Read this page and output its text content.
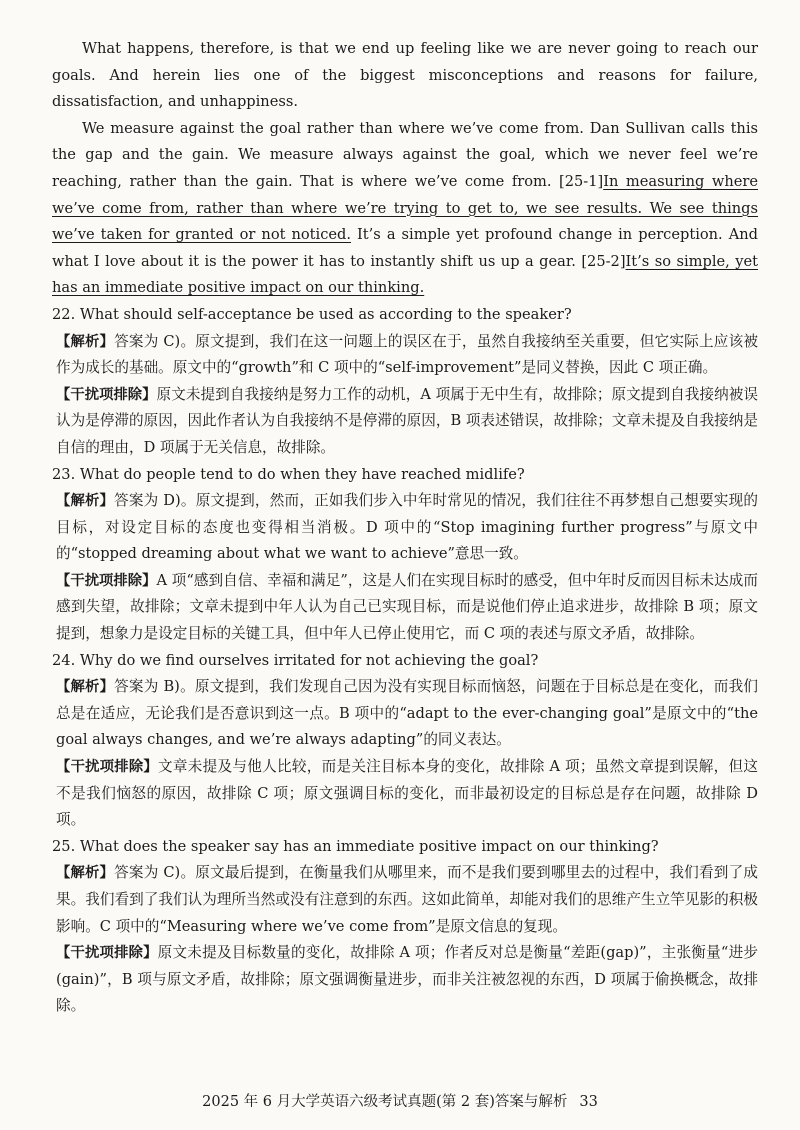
What happens, therefore, is that we end up feeling like we are never going to reach our goals. And herein lies one of the biggest misconceptions and reasons for failure, dissatisfaction, and unhappiness.

We measure against the goal rather than where we’ve come from. Dan Sullivan calls this the gap and the gain. We measure always against the goal, which we never feel we’re reaching, rather than the gain. That is where we’ve come from. [25-1]In measuring where we’ve come from, rather than where we’re trying to get to, we see results. We see things we’ve taken for granted or not noticed. It’s a simple yet profound change in perception. And what I love about it is the power it has to instantly shift us up a gear. [25-2]It’s so simple, yet has an immediate positive impact on our thinking.

22. What should self-acceptance be used as according to the speaker?

【解析】答案为 C)。原文提到，我们在这一问题上的误区在于，虽然自我接纳至关重要，但它实际上应该被作为成长的基础。原文中的“growth”和 C 项中的“self-improvement”是同义替换，因此 C 项正确。

【干扰项排除】原文未提到自我接纳是努力工作的动机，A 项属于无中生有，故排除；原文提到自我接纳被误认为是停滞的原因，因此作者认为自我接纳不是停滞的原因，B 项表述错误，故排除；文章未提及自我接纳是自信的理由，D 项属于无关信息，故排除。

23. What do people tend to do when they have reached midlife?

【解析】答案为 D)。原文提到，然而，正如我们步入中年时常见的情况，我们往往不再梦想自己想要实现的目标，对设定目标的态度也变得相当消极。D 项中的“Stop imagining further progress”与原文中的“stopped dreaming about what we want to achieve”意思一致。

【干扰项排除】A 项“感到自信、幸福和满足”，这是人们在实现目标时的感受，但中年时反而因目标未达成而感到失望，故排除；文章未提到中年人认为自己已实现目标，而是说他们停止追求进步，故排除 B 项；原文提到，想象力是设定目标的关键工具，但中年人已停止使用它，而 C 项的表述与原文矛盾，故排除。

24. Why do we find ourselves irritated for not achieving the goal?

【解析】答案为 B)。原文提到，我们发现自己因为没有实现目标而恼怒，问题在于目标总是在变化，而我们总是在适应，无论我们是否意识到这一点。B 项中的“adapt to the ever-changing goal”是原文中的“the goal always changes, and we’re always adapting”的同义表达。

【干扰项排除】文章未提及与他人比较，而是关注目标本身的变化，故排除 A 项；虽然文章提到误解，但这不是我们恼怒的原因，故排除 C 项；原文强调目标的变化，而非最初设定的目标总是存在问题，故排除 D 项。

25. What does the speaker say has an immediate positive impact on our thinking?

【解析】答案为 C)。原文最后提到，在衡量我们从哪里来，而不是我们要到哪里去的过程中，我们看到了成果。我们看到了我们认为理所当然或没有注意到的东西。这如此简单，却能对我们的思维产生立竿见影的积极影响。C 项中的“Measuring where we’ve come from”是原文信息的复现。

【干扰项排除】原文未提及目标数量的变化，故排除 A 项；作者反对总是衡量“差距(gap)”，主张衡量“进步(gain)”，B 项与原文矛盾，故排除；原文强调衡量进步，而非关注被忽视的东西，D 项属于偷换概念，故排除。

2025 年 6 月大学英语六级考试真题(第 2 套)答案与解析 33
